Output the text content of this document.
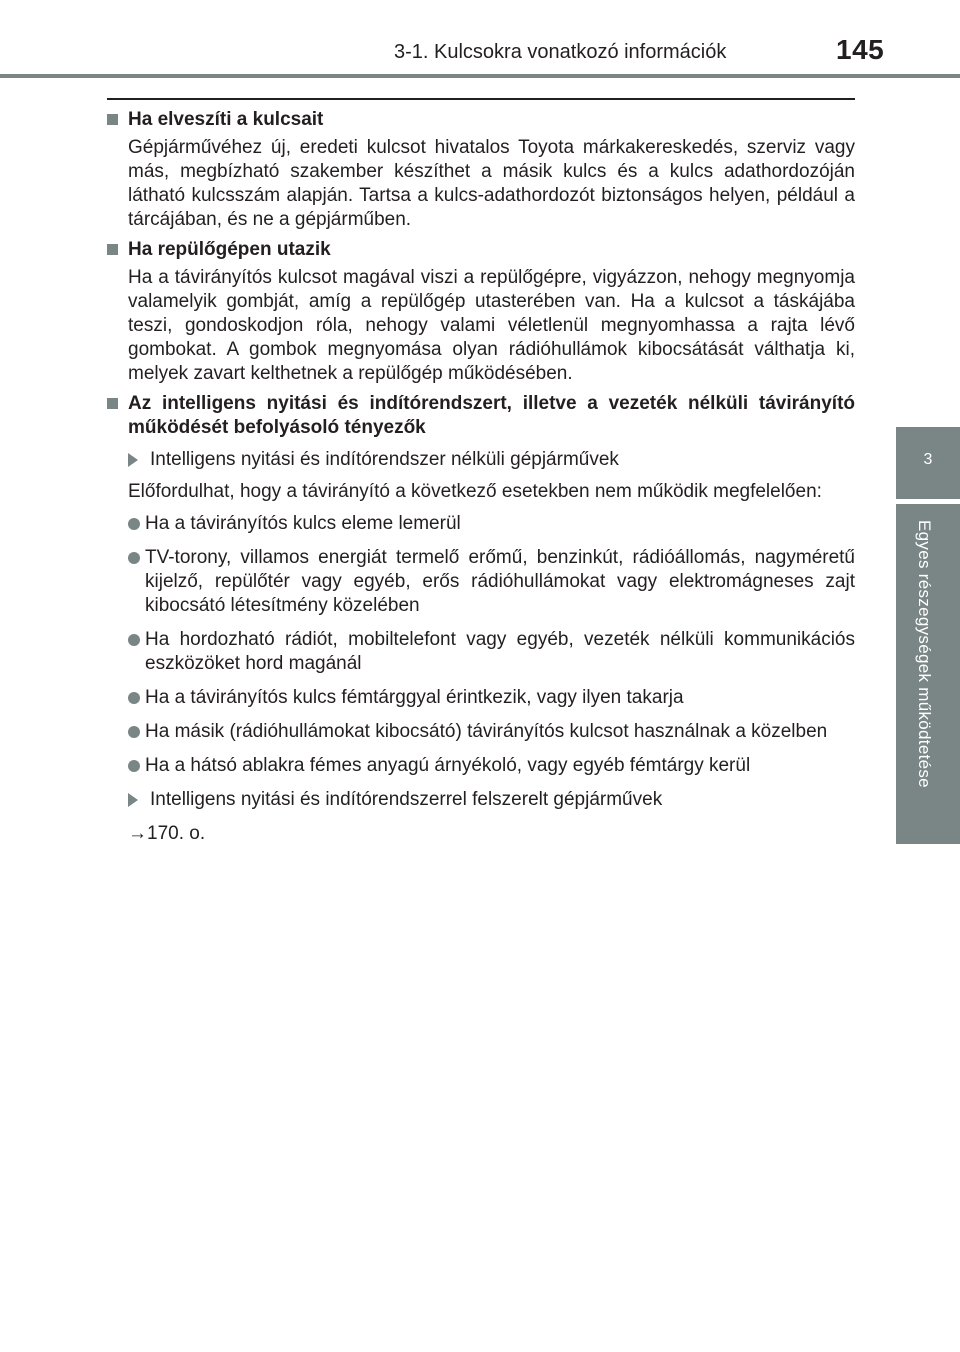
3-1. Kulcsokra vonatkozó információk	145
3
Egyes részegységek működtetése
Ha elveszíti a kulcsait
Gépjárművéhez új, eredeti kulcsot hivatalos Toyota márkakereskedés, szerviz vagy más, megbízható szakember készíthet a másik kulcs és a kulcs adathordozóján látható kulcsszám alapján. Tartsa a kulcs-adathordozót biztonságos helyen, például a tárcájában, és ne a gépjárműben.
Ha repülőgépen utazik
Ha a távirányítós kulcsot magával viszi a repülőgépre, vigyázzon, nehogy megnyomja valamelyik gombját, amíg a repülőgép utasterében van. Ha a kulcsot a táskájába teszi, gondoskodjon róla, nehogy valami véletlenül megnyomhassa a rajta lévő gombokat. A gombok megnyomása olyan rádióhullámok kibocsátását válthatja ki, melyek zavart kelthetnek a repülőgép működésében.
Az intelligens nyitási és indítórendszert, illetve a vezeték nélküli távirányító működését befolyásoló tényezők
Intelligens nyitási és indítórendszer nélküli gépjárművek
Előfordulhat, hogy a távirányító a következő esetekben nem működik megfelelően:
Ha a távirányítós kulcs eleme lemerül
TV-torony, villamos energiát termelő erőmű, benzinkút, rádióállomás, nagyméretű kijelző, repülőtér vagy egyéb, erős rádióhullámokat vagy elektromágneses zajt kibocsátó létesítmény közelében
Ha hordozható rádiót, mobiltelefont vagy egyéb, vezeték nélküli kommunikációs eszközöket hord magánál
Ha a távirányítós kulcs fémtárggyal érintkezik, vagy ilyen takarja
Ha másik (rádióhullámokat kibocsátó) távirányítós kulcsot használnak a közelben
Ha a hátsó ablakra fémes anyagú árnyékoló, vagy egyéb fémtárgy kerül
Intelligens nyitási és indítórendszerrel felszerelt gépjárművek
→170. o.
